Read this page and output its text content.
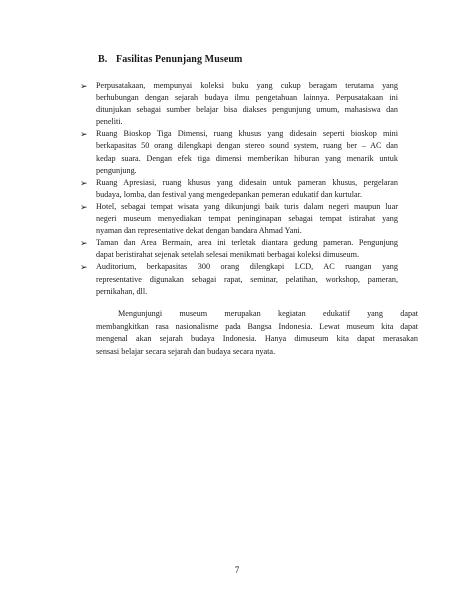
B. Fasilitas Penunjang Museum
➢ Perpusatakaan, mempunyai koleksi buku yang cukup beragam terutama yang
berhubungan dengan sejarah budaya ilmu pengetahuan lainnya. Perpusatakaan ini
ditunjukan sebagai sumber belajar bisa diakses pengunjung umum, mahasiswa dan
peneliti.
➢ Ruang Bioskop Tiga Dimensi, ruang khusus yang didesain seperti bioskop mini
berkapasitas 50 orang dilengkapi dengan stereo sound system, ruang ber – AC dan
kedap suara. Dengan efek tiga dimensi memberikan hiburan yang menarik untuk
pengunjung.
➢ Ruang Apresiasi, ruang khusus yang didesain untuk pameran khusus, pergelaran
budaya, lomba, dan festival yang mengedepankan pemeran edukatif dan kurtular.
➢ Hotel, sebagai tempat wisata yang dikunjungi baik turis dalam negeri maupun luar
negeri museum menyediakan tempat peninginapan sebagai tempat istirahat yang
nyaman dan representative dekat dengan bandara Ahmad Yani.
➢ Taman dan Area Bermain, area ini terletak diantara gedung pameran. Pengunjung
dapat beristirahat sejenak setelah selesai menikmati berbagai koleksi dimuseum.
➢ Auditorium, berkapasitas 300 orang dilengkapi LCD, AC ruangan yang
representative digunakan sebagai rapat, seminar, pelatihan, workshop, pameran,
pernikahan, dll.
Mengunjungi museum merupakan kegiatan edukatif yang dapat
membangkitkan rasa nasionalisme pada Bangsa Indonesia. Lewat museum kita dapat
mengenal akan sejarah budaya Indonesia. Hanya dimuseum kita dapat merasakan
sensasi belajar secara sejarah dan budaya secara nyata.
7
